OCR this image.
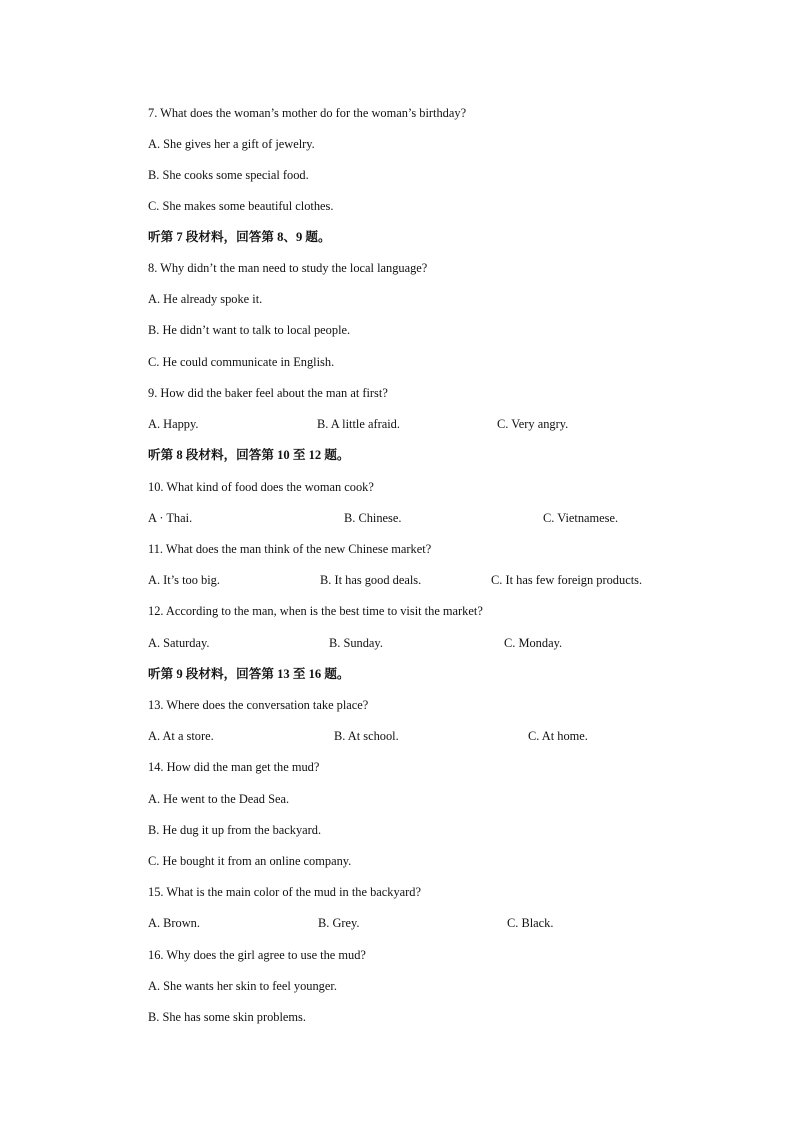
7. What does the woman’s mother do for the woman’s birthday?
A. She gives her a gift of jewelry.
B. She cooks some special food.
C. She makes some beautiful clothes.
听第 7 段材料，回答第 8、9 题。
8. Why didn’t the man need to study the local language?
A. He already spoke it.
B. He didn’t want to talk to local people.
C. He could communicate in English.
9. How did the baker feel about the man at first?
A. Happy.	B. A little afraid.	C. Very angry.
听第 8 段材料，回答第 10 至 12 题。
10. What kind of food does the woman cook?
A · Thai.	B. Chinese.	C. Vietnamese.
11. What does the man think of the new Chinese market?
A. It’s too big.	B. It has good deals.	C. It has few foreign products.
12. According to the man, when is the best time to visit the market?
A. Saturday.	B. Sunday.	C. Monday.
听第 9 段材料，回答第 13 至 16 题。
13. Where does the conversation take place?
A. At a store.	B. At school.	C. At home.
14. How did the man get the mud?
A. He went to the Dead Sea.
B. He dug it up from the backyard.
C. He bought it from an online company.
15. What is the main color of the mud in the backyard?
A. Brown.	B. Grey.	C. Black.
16. Why does the girl agree to use the mud?
A. She wants her skin to feel younger.
B. She has some skin problems.
